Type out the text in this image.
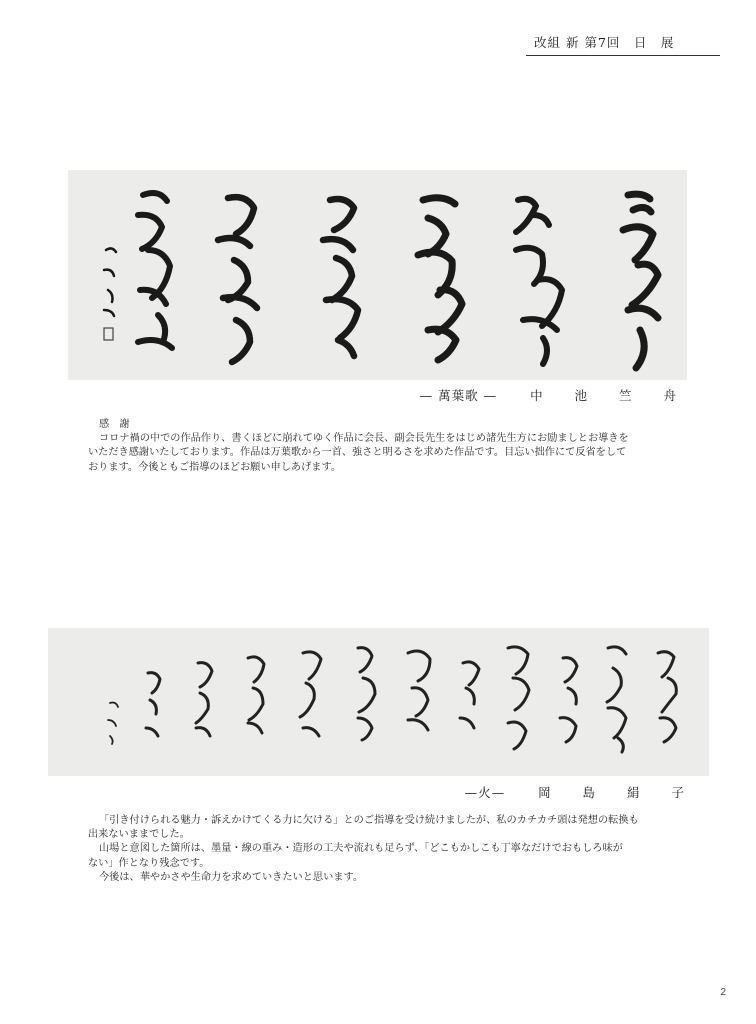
改組 新 第7回　日　展
— 萬葉歌 —	中 池 竺 舟

感　謝

コロナ禍の中での作品作り、書くほどに崩れてゆく作品に会長、副会長先生をはじめ諸先生方にお励ましとお導きを

いただき感謝いたしております。作品は万葉歌から一首、強さと明るさを求めた作品です。目忘い拙作にて反省をして

おります。今後ともご指導のほどお願い申しあげます。

—火—	岡 島 絹 子

「引き付けられる魅力・訴えかけてくる力に欠ける」とのご指導を受け続けましたが、私のカチカチ頭は発想の転換も

出来ないままでした。

山場と意図した箇所は、墨量・線の重み・造形の工夫や流れも足らず、「どこもかしこも丁寧なだけでおもしろ味が

ない」作となり残念です。

今後は、華やかさや生命力を求めていきたいと思います。

2
